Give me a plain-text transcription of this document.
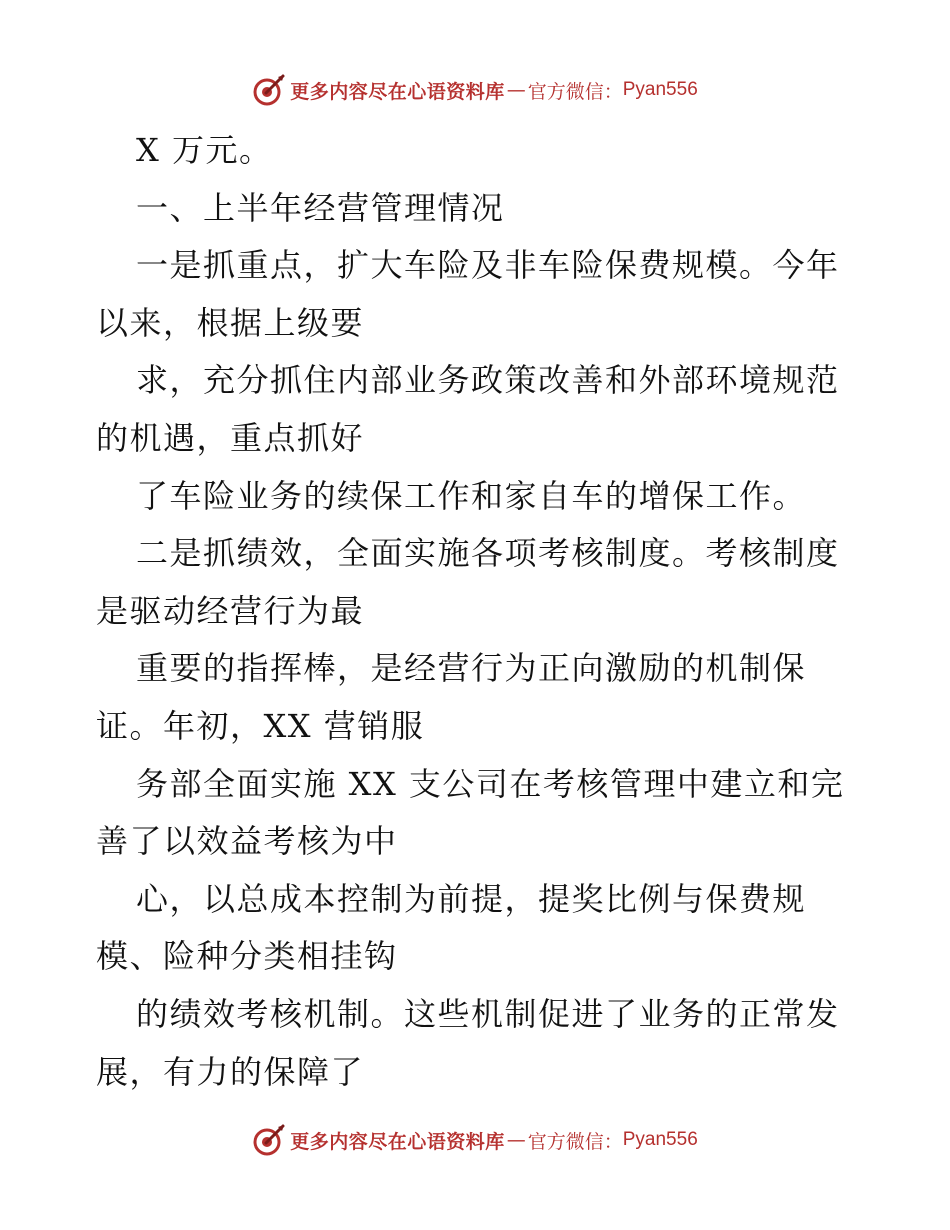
更多内容尽在心语资料库 — 官方微信： Pyan556
X 万元。
一、上半年经营管理情况
一是抓重点，扩大车险及非车险保费规模。今年
以来，根据上级要
求，充分抓住内部业务政策改善和外部环境规范
的机遇，重点抓好
了车险业务的续保工作和家自车的增保工作。
二是抓绩效，全面实施各项考核制度。考核制度
是驱动经营行为最
重要的指挥棒，是经营行为正向激励的机制保
证。年初，XX 营销服
务部全面实施 XX 支公司在考核管理中建立和完
善了以效益考核为中
心，以总成本控制为前提，提奖比例与保费规
模、险种分类相挂钩
的绩效考核机制。这些机制促进了业务的正常发
展，有力的保障了
更多内容尽在心语资料库 — 官方微信： Pyan556
